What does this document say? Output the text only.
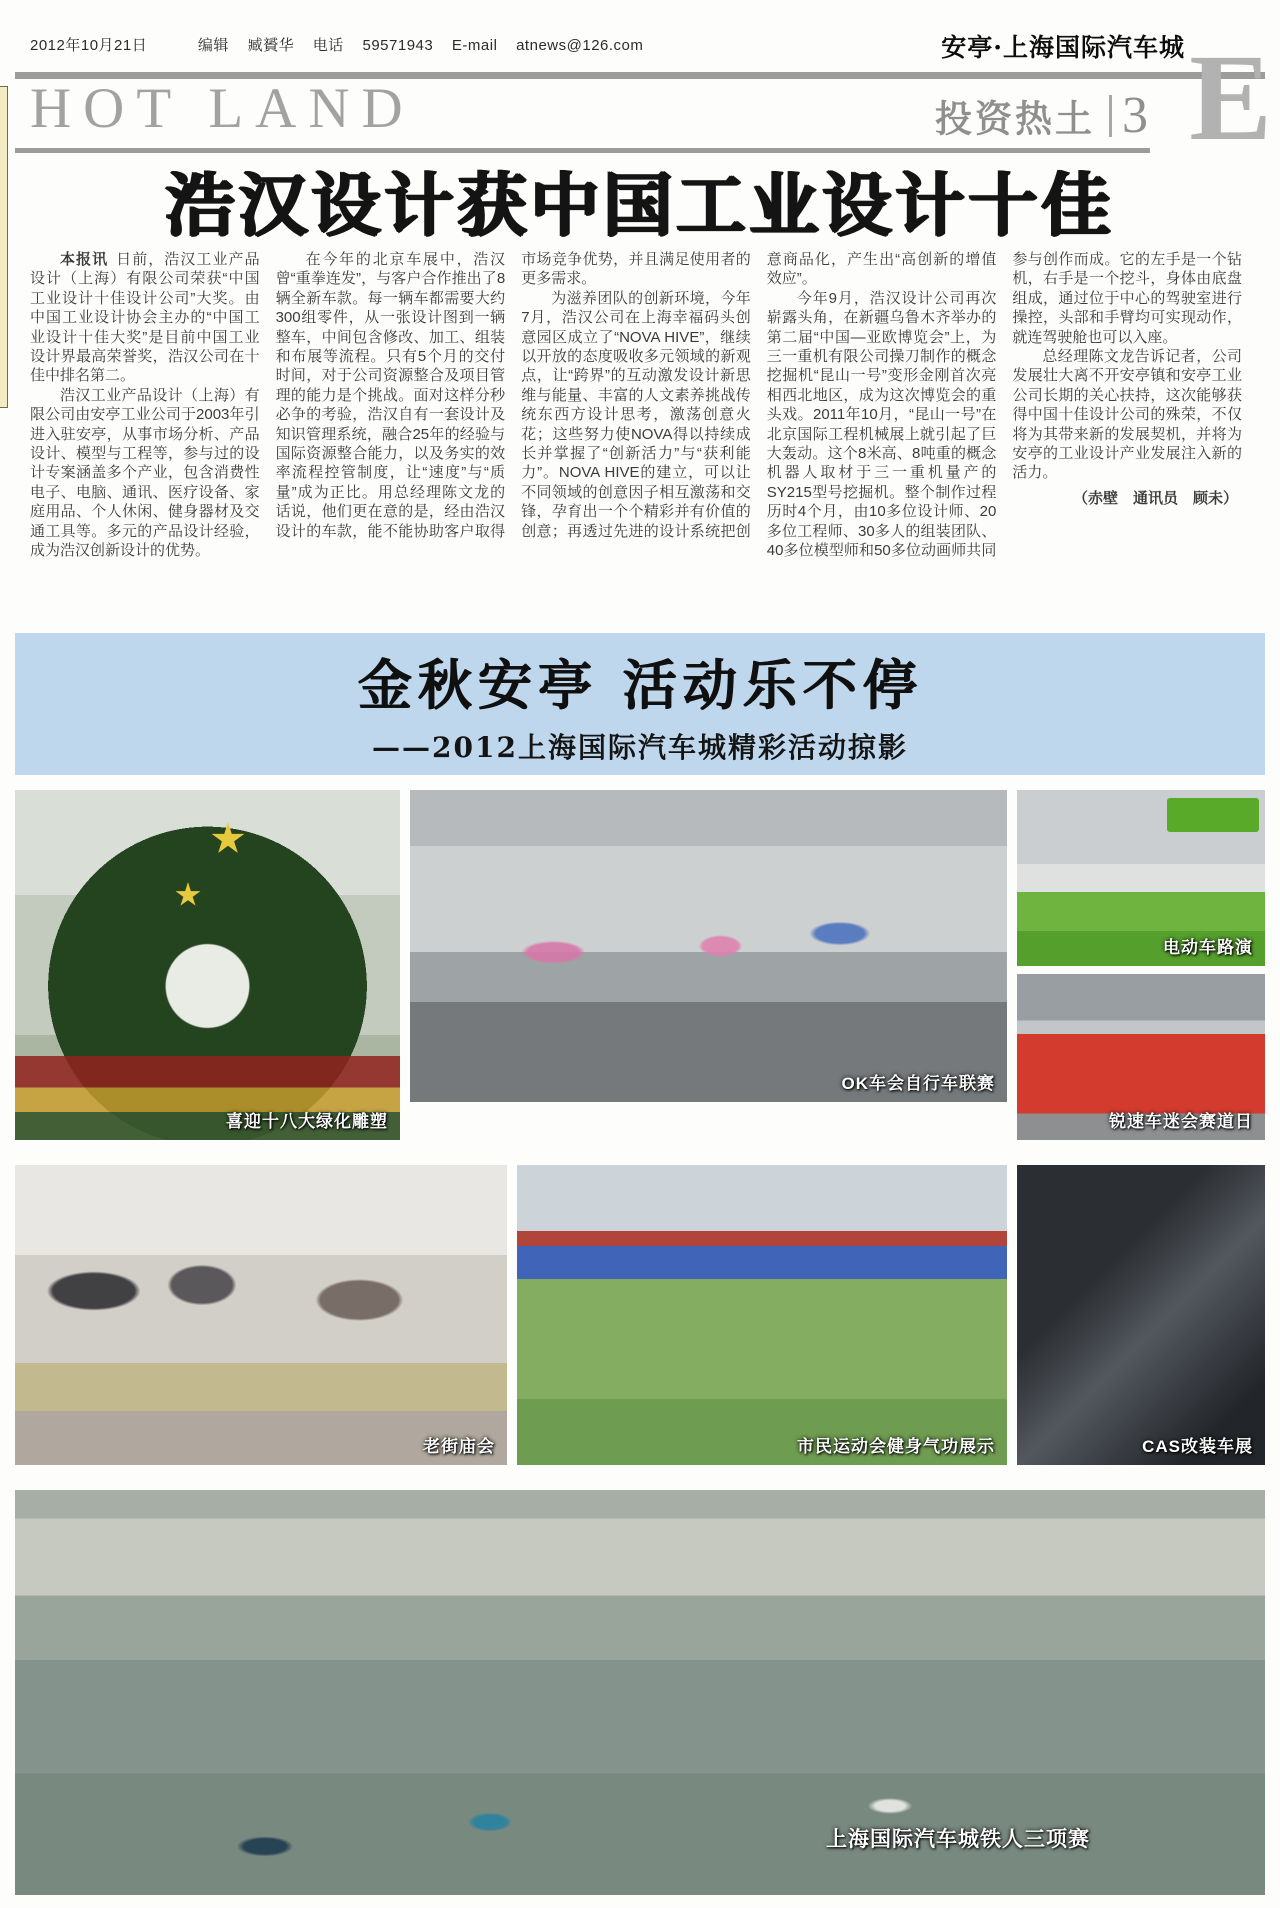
2012年10月21日	编辑 臧贇华 电话 59571943 E-mail atnews@126.com	安亭·上海国际汽车城
HOT LAND	投资热土 3 E
浩汉设计获中国工业设计十佳

本报讯 日前，浩汉工业产品设计（上海）有限公司荣获“中国工业设计十佳设计公司”大奖。由中国工业设计协会主办的“中国工业设计十佳大奖”是目前中国工业设计界最高荣誉奖，浩汉公司在十佳中排名第二。

浩汉工业产品设计（上海）有限公司由安亭工业公司于2003年引进入驻安亭，从事市场分析、产品设计、模型与工程等，参与过的设计专案涵盖多个产业，包含消费性电子、电脑、通讯、医疗设备、家庭用品、个人休闲、健身器材及交通工具等。多元的产品设计经验，成为浩汉创新设计的优势。

在今年的北京车展中，浩汉曾“重拳连发”，与客户合作推出了8辆全新车款。每一辆车都需要大约300组零件，从一张设计图到一辆整车，中间包含修改、加工、组装和布展等流程。只有5个月的交付时间，对于公司资源整合及项目管理的能力是个挑战。面对这样分秒必争的考验，浩汉自有一套设计及知识管理系统，融合25年的经验与国际资源整合能力，以及务实的效率流程控管制度，让“速度”与“质量”成为正比。用总经理陈文龙的话说，他们更在意的是，经由浩汉设计的车款，能不能协助客户取得市场竞争优势，并且满足使用者的更多需求。

为滋养团队的创新环境，今年7月，浩汉公司在上海幸福码头创意园区成立了“NOVA HIVE”，继续以开放的态度吸收多元领域的新观点，让“跨界”的互动激发设计新思维与能量、丰富的人文素养挑战传统东西方设计思考，激荡创意火花；这些努力使NOVA得以持续成长并掌握了“创新活力”与“获利能力”。NOVA HIVE的建立，可以让不同领域的创意因子相互激荡和交锋，孕育出一个个精彩并有价值的创意；再透过先进的设计系统把创意商品化，产生出“高创新的增值效应”。

今年9月，浩汉设计公司再次崭露头角，在新疆乌鲁木齐举办的第二届“中国—亚欧博览会”上，为三一重机有限公司操刀制作的概念挖掘机“昆山一号”变形金刚首次亮相西北地区，成为这次博览会的重头戏。2011年10月，“昆山一号”在北京国际工程机械展上就引起了巨大轰动。这个8米高、8吨重的概念机器人取材于三一重机量产的SY215型号挖掘机。整个制作过程历时4个月，由10多位设计师、20多位工程师、30多人的组装团队、40多位模型师和50多位动画师共同参与创作而成。它的左手是一个钻机，右手是一个挖斗，身体由底盘组成，通过位于中心的驾驶室进行操控，头部和手臂均可实现动作，就连驾驶舱也可以入座。

总经理陈文龙告诉记者，公司发展壮大离不开安亭镇和安亭工业公司长期的关心扶持，这次能够获得中国十佳设计公司的殊荣，不仅将为其带来新的发展契机，并将为安亭的工业设计产业发展注入新的活力。

（赤壁　通讯员　顾未）

金秋安亭 活动乐不停
——2012上海国际汽车城精彩活动掠影
喜迎十八大绿化雕塑
OK车会自行车联赛
电动车路演
锐速车迷会赛道日
老街庙会	市民运动会健身气功展示	CAS改装车展
上海国际汽车城铁人三项赛
